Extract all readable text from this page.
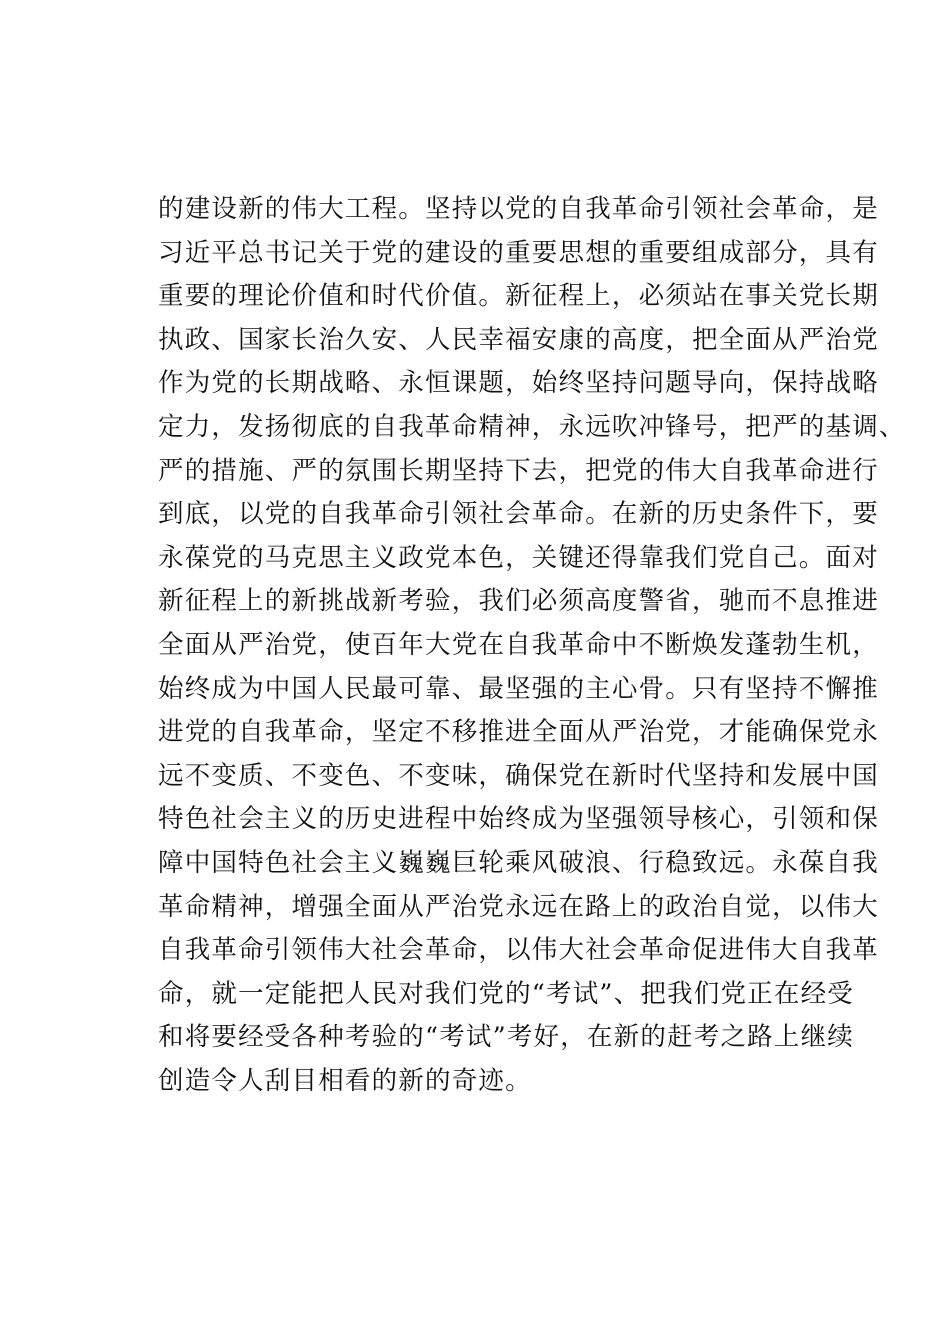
的建设新的伟大工程。坚持以党的自我革命引领社会革命，是
习近平总书记关于党的建设的重要思想的重要组成部分，具有
重要的理论价值和时代价值。新征程上，必须站在事关党长期
执政、国家长治久安、人民幸福安康的高度，把全面从严治党
作为党的长期战略、永恒课题，始终坚持问题导向，保持战略
定力，发扬彻底的自我革命精神，永远吹冲锋号，把严的基调、
严的措施、严的氛围长期坚持下去，把党的伟大自我革命进行
到底，以党的自我革命引领社会革命。在新的历史条件下，要
永葆党的马克思主义政党本色，关键还得靠我们党自己。面对
新征程上的新挑战新考验，我们必须高度警省，驰而不息推进
全面从严治党，使百年大党在自我革命中不断焕发蓬勃生机，
始终成为中国人民最可靠、最坚强的主心骨。只有坚持不懈推
进党的自我革命，坚定不移推进全面从严治党，才能确保党永
远不变质、不变色、不变味，确保党在新时代坚持和发展中国
特色社会主义的历史进程中始终成为坚强领导核心，引领和保
障中国特色社会主义巍巍巨轮乘风破浪、行稳致远。永葆自我
革命精神，增强全面从严治党永远在路上的政治自觉，以伟大
自我革命引领伟大社会革命，以伟大社会革命促进伟大自我革
命，就一定能把人民对我们党的“考试”、把我们党正在经受
和将要经受各种考验的“考试”考好，在新的赶考之路上继续
创造令人刮目相看的新的奇迹。
